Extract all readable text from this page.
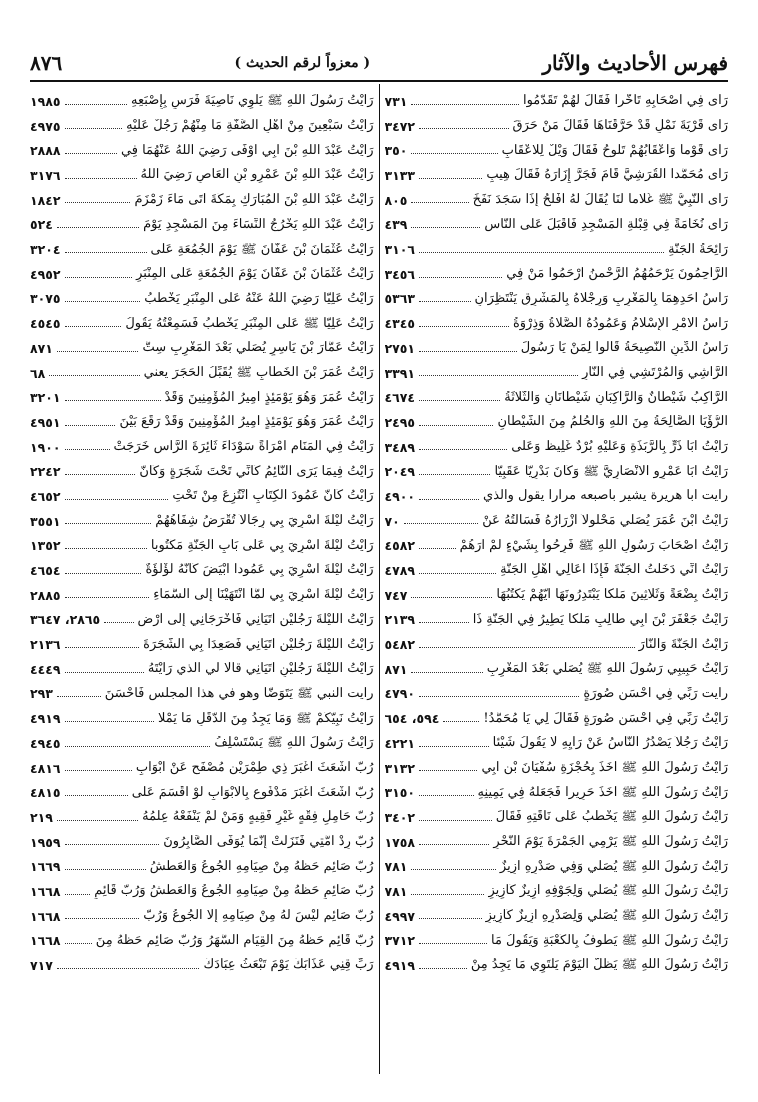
فهرس الأحاديث والآثار
( معزواً لرقم الحديث )
٨٧٦
رَأَى فِي أَصْحَابِهِ تَأَخُّراً فَقَالَ لَهُمْ تَقَدَّمُوا
٧٣١
رَأَى قَرْيَةَ نَمْلٍ قَدْ حَرَّقْنَاهَا فَقَالَ مَنْ حَرَقَ
٣٤٧٢
رَأَى قَوْماً وَأَعْقَابُهُمْ تَلُوحُ فَقَالَ وَيْلٌ لِلأَعْقَابِ
٣٥٠
رَأَى مُحَمَّداً الْقُرَشِيَّ قَامَ فَجَرَّ إِزَارَهُ فَقَالَ هِيبِ
٣١٣٣
رَأَى النَّبِيُّ ﷺ غُلاماً لَنَا يُقَالُ لَهُ أَفْلَحُ إِذَا سَجَدَ نَفَخَ
٨٠٥
رَأَى نُخَامَةً فِي قِبْلَةِ الْمَسْجِدِ فَأَقْبَلَ عَلَى النَّاسِ
٤٣٩
رَائِحَةُ الْجَنَّةِ
٣١٠٦
الرَّاحِمُونَ يَرْحَمُهُمُ الرَّحْمنُ ارْحَمُوا مَنْ فِي
٣٤٥٦
رَأْسُ أَحَدِهِمَا بِالْمَغْرِبِ وَرِجْلاهُ بِالْمَشْرِقِ يَنْتَظِرَانِ
٥٣٦٣
رَأْسُ الأَمْرِ الإِسْلامُ وَعَمُودُهُ الصَّلاةُ وَذِرْوَةُ
٤٣٤٥
رَأْسُ الدِّينِ النَّصِيحَةُ قَالُوا لِمَنْ يَا رَسُولَ
٢٧٥١
الرَّاشِي وَالْمُرْتَشِي فِي النَّارِ
٣٣٩١
الرَّاكِبُ شَيْطَانٌ وَالرَّاكِبَانِ شَيْطَانَانِ وَالثَّلاثَةُ
٤٦٧٤
الرُّؤْيَا الصَّالِحَةُ مِنَ اللهِ وَالْحُلُمُ مِنَ الشَّيْطَانِ
٢٤٩٥
رَأَيْتُ أَبَا ذَرٍّ بِالرَّبَذَةِ وَعَلَيْهِ بُرْدٌ غَلِيظٌ وَعَلَى
٣٤٨٩
رَأَيْتُ أَبَا عَمْرٍو الأَنْصَارِيَّ ﷺ وَكَانَ بَدْرِيّاً عَقَبِيّاً
٢٠٤٩
رأيت أبا هريرة يشير بأصبعه مراراً يقول والذي
٤٩٠٠
رَأَيْتُ ابْنَ عُمَرَ يُصَلِّي مَحْلُولاً أَزْرَارُهُ فَسَأَلْتُهُ عَنْ
٧٠
رَأَيْتُ أَصْحَابَ رَسُولِ اللهِ ﷺ فَرِحُوا بِشَيْءٍ لَمْ أَرَهُمْ
٤٥٨٢
رَأَيْتُ أَنِّي دَخَلْتُ الْجَنَّةَ فَإِذَا أَعَالِي أَهْلِ الْجَنَّةِ
٤٧٨٩
رَأَيْتُ بِضْعَةً وَثَلاثِينَ مَلَكاً يَبْتَدِرُونَهَا أَيُّهُمْ يَكْتُبُهَا
٧٤٧
رَأَيْتُ جَعْفَرَ بْنَ أَبِي طَالِبٍ مَلَكاً يَطِيرُ فِي الْجَنَّةِ ذَا
٢١٣٩
رَأَيْتُ الْجَنَّةَ وَالنَّارَ
٥٤٨٢
رَأَيْتُ حَبِيبِي رَسُولَ اللهِ ﷺ يُصَلِّي بَعْدَ الْمَغْرِبِ
٨٧١
رأيت رَبِّي فِي أَحْسَنِ صُورَةٍ
٤٧٩٠
رَأَيْتُ رَبِّي فِي أَحْسَنِ صُورَةٍ فَقَالَ لِي يَا مُحَمَّدُ!
٥٩٤، ٦٥٤
رَأَيْتُ رَجُلاً يَصْدُرُ النَّاسُ عَنْ رَأْيِهِ لا يَقُولُ شَيْئاً
٤٢٢١
رَأَيْتُ رَسُولَ اللهِ ﷺ أَخَذَ بِحُجْزَةِ سُفْيَانَ بْنِ أَبِي
٣١٣٢
رَأَيْتُ رَسُولَ اللهِ ﷺ أَخَذَ حَرِيراً فَجَعَلَهُ فِي يَمِينِهِ
٣١٥٠
رَأَيْتُ رَسُولَ اللهِ ﷺ يَخْطُبُ عَلَى نَاقَتِهِ فَقَالَ
٣٤٠٢
رَأَيْتُ رَسُولَ اللهِ ﷺ يَرْمِي الْجَمْرَةَ يَوْمَ النَّحْرِ
١٧٥٨
رَأَيْتُ رَسُولَ اللهِ ﷺ يُصَلِّي وَفِي صَدْرِهِ أَزِيزٌ
٧٨١
رَأَيْتُ رَسُولَ اللهِ ﷺ يُصَلِّي وَلِجَوْفِهِ أَزِيزٌ كَأَزِيزِ
٧٨١
رَأَيْتُ رَسُولَ اللهِ ﷺ يُصَلِّي وَلِصَدْرِهِ أَزِيزٌ كَأَزِيزِ
٤٩٩٧
رَأَيْتُ رَسُولَ اللهِ ﷺ يَطُوفُ بِالْكَعْبَةِ وَيَقُولُ مَا
٣٧١٢
رَأَيْتُ رَسُولَ اللهِ ﷺ يَظَلُّ الْيَوْمَ يَلْتَوِي مَا يَجِدُ مِنْ
٤٩١٩
رَأَيْتُ رَسُولَ اللهِ ﷺ يَلْوِي نَاصِيَةَ فَرَسٍ بِإِصْبَعِهِ
١٩٨٥
رَأَيْتُ سَبْعِينَ مِنْ أَهْلِ الصُّفَّةِ مَا مِنْهُمْ رَجُلٌ عَلَيْهِ
٤٩٧٥
رَأَيْتُ عَبْدَ اللهِ بْنَ أَبِي أَوْفَى رَضِيَ اللهُ عَنْهُمَا فِي
٢٨٨٨
رَأَيْتُ عَبْدَ اللهِ بْنَ عَمْرِو بْنِ الْعَاصِ رَضِيَ اللهُ
٣١٧٦
رَأَيْتُ عَبْدَ اللهِ بْنَ الْمُبَارَكِ بِمَكَّةَ أَتَى مَاءَ زَمْزَمَ
١٨٤٢
رَأَيْتُ عَبْدَ اللهِ يَخْرُجُ النِّسَاءَ مِنَ الْمَسْجِدِ يَوْمَ
٥٢٤
رَأَيْتُ عُثْمَانَ بْنَ عَفَّانَ ﷺ يَوْمَ الْجُمُعَةِ عَلَى
٣٢٠٤
رَأَيْتُ عُثْمَانَ بْنَ عَفَّانَ يَوْمَ الْجُمُعَةِ عَلَى الْمِنْبَرِ
٤٩٥٢
رَأَيْتُ عَلِيّاً رَضِيَ اللهُ عَنْهُ عَلَى الْمِنْبَرِ يَخْطُبُ
٣٠٧٥
رَأَيْتُ عَلِيّاً ﷺ عَلَى الْمِنْبَرِ يَخْطُبُ فَسَمِعْتُهُ يَقُولُ
٤٥٤٥
رَأَيْتُ عَمَّارَ بْنَ يَاسِرٍ يُصَلِّي بَعْدَ الْمَغْرِبِ سِتَّ
٨٧١
رَأَيْتُ عُمَرَ بْنَ الْخَطَّابِ ﷺ يُقَبِّلُ الْحَجَرَ يعني
٦٨
رَأَيْتُ عُمَرَ وَهُوَ يَوْمَئِذٍ أَمِيرُ الْمُؤْمِنِينَ وَقَدْ
٣٢٠١
رَأَيْتُ عُمَرَ وَهُوَ يَوْمَئِذٍ أَمِيرُ الْمُؤْمِنِينَ وَقَدْ رَقَعَ بَيْنَ
٤٩٥١
رَأَيْتُ فِي الْمَنَامِ امْرَأَةً سَوْدَاءَ ثَائِرَةَ الرَّأْسِ خَرَجَتْ
١٩٠٠
رَأَيْتُ فِيمَا يَرَى النَّائِمُ كَأَنِّي تَحْتَ شَجَرَةٍ وَكَأَنَّ
٢٢٤٢
رَأَيْتُ كَأَنَّ عَمُودَ الْكِتَابِ انْتُزِعَ مِنْ تَحْتِ
٤٦٥٢
رَأَيْتُ لَيْلَةَ أُسْرِيَ بِي رِجَالاً تُقْرَضُ شِفَاهُهُمْ
٣٥٥١
رَأَيْتُ لَيْلَةَ أُسْرِيَ بِي عَلَى بَابِ الْجَنَّةِ مَكْتُوباً
١٣٥٢
رَأَيْتُ لَيْلَةَ أُسْرِيَ بِي عَمُوداً أَبْيَضَ كَأَنَّهُ لُؤْلُؤَةٌ
٤٦٥٤
رَأَيْتُ لَيْلَةَ أُسْرِيَ بِي لَمَّا انْتَهَيْنَا إِلَى السَّمَاءِ
٢٨٨٥
رَأَيْتُ اللَّيْلَةَ رَجُلَيْنِ أَتَيَانِي فَأَخْرَجَانِي إِلَى أَرْضٍ
٢٨٦٥، ٣٦٤٧
رَأَيْتُ اللَّيْلَةَ رَجُلَيْنِ أَتَيَانِي فَصَعِدَا بِي الشَّجَرَةَ
٢١٣٦
رَأَيْتُ اللَّيْلَةَ رَجُلَيْنِ أَتَيَانِي قالا لي الذي رَأَيْتَهُ
٤٤٤٩
رأيت النبي ﷺ يَتَوَضَّأُ وهو في هذا المجلس فَأَحْسَنَ
٢٩٣
رَأَيْتُ نَبِيَّكُمْ ﷺ وَمَا يَجِدُ مِنَ الدَّقَلِ مَا يَمْلأُ
٤٩١٩
رَأَيْتُ رَسُولَ اللهِ ﷺ يَسْتَسْلِفُ
٤٩٤٥
رُبَّ أَشْعَثَ أَغْبَرَ ذِي طِمْرَيْنِ مُصْفَحٍ عَنْ أَبْوَابٍ
٤٨١٦
رُبَّ أَشْعَثَ أَغْبَرَ مَدْفُوعٍ بِالأَبْوَابِ لَوْ أَقْسَمَ عَلَى
٤٨١٥
رُبَّ حَامِلِ فِقْهٍ غَيْرِ فَقِيهٍ وَمَنْ لَمْ يَنْفَعْهُ عِلْمُهُ
٢١٩
رُبَّ رِدْ أُمَّتِي فَنَزَلَتْ إِنَّمَا يُوَفَّى الصَّابِرُونَ
١٩٥٩
رُبَّ صَائِمٍ حَظُّهُ مِنْ صِيَامِهِ الْجُوعُ وَالْعَطَشُ
١٦٦٩
رُبَّ صَائِمٍ حَظُّهُ مِنْ صِيَامِهِ الْجُوعُ وَالْعَطَشُ وَرُبَّ قَائِمٍ
١٦٦٨
رُبَّ صَائِمٍ لَيْسَ لَهُ مِنْ صِيَامِهِ إِلا الْجُوعُ وَرُبَّ
١٦٦٨
رُبَّ قَائِمٍ حَظُّهُ مِنَ الْقِيَامِ السَّهَرُ وَرُبَّ صَائِمٍ حَظُّهُ مِنَ
١٦٦٨
رَبِّ قِنِي عَذَابَكَ يَوْمَ تَبْعَثُ عِبَادَكَ
٧١٧
